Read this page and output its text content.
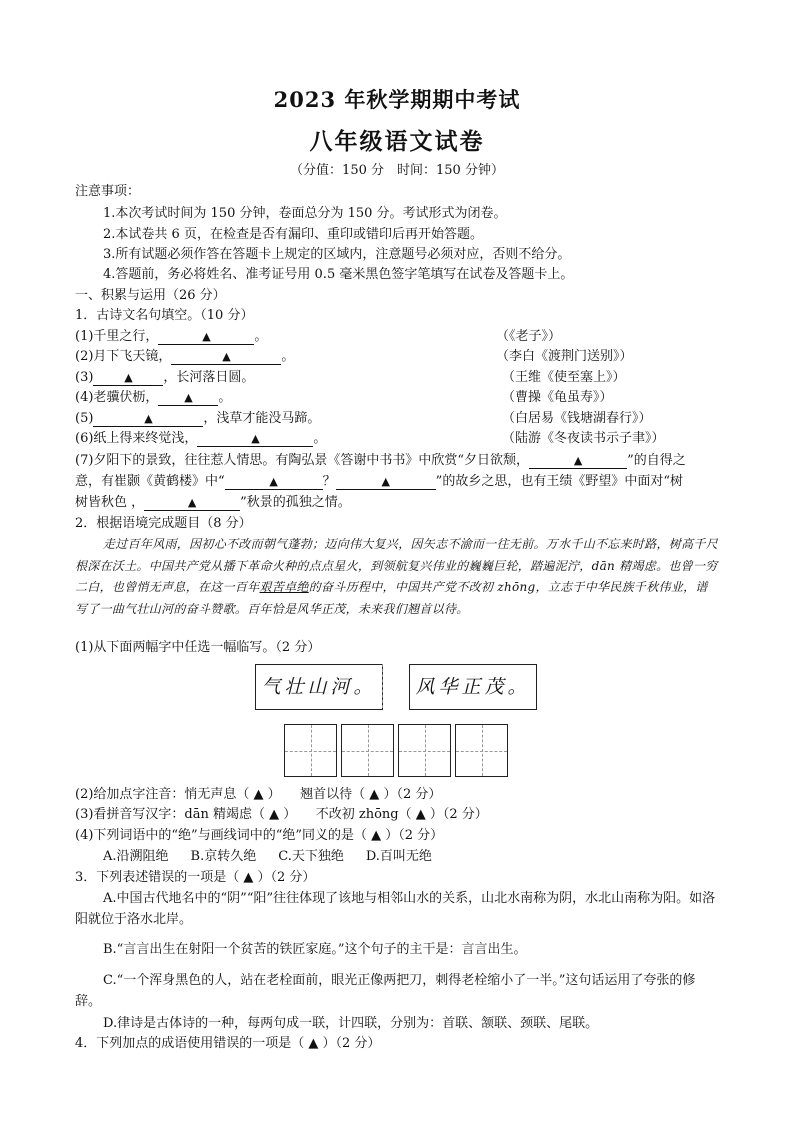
2023 年秋学期期中考试
八年级语文试卷
（分值：150 分　时间：150 分钟）
注意事项：
1.本次考试时间为 150 分钟，卷面总分为 150 分。考试形式为闭卷。
2.本试卷共 6 页，在检查是否有漏印、重印或错印后再开始答题。
3.所有试题必须作答在答题卡上规定的区域内，注意题号必须对应，否则不给分。
4.答题前，务必将姓名、准考证号用 0.5 毫米黑色签字笔填写在试卷及答题卡上。
一、积累与运用（26 分）
1．古诗文名句填空。（10 分）
(1)千里之行，	▲	。	（《老子》）
(2)月下飞天镜，	▲	。	（李白《渡荆门送别》）
(3)	▲ ，长河落日圆。	（王维《使至塞上》）
(4)老骥伏枥， ▲ 。	（曹操《龟虽寿》）
(5)	▲	，浅草才能没马蹄。	（白居易《钱塘湖春行》）
(6)纸上得来终觉浅，	▲	。	（陆游《冬夜读书示子聿》）
(7)夕阳下的景致，往往惹人情思。有陶弘景《答谢中书书》中欣赏“夕日欲颓，	▲	”的自得之
意，有崔颢《黄鹤楼》中“	▲	？	▲	”的故乡之思，也有王绩《野望》中面对“树
树皆秋色 ，	▲	”秋景的孤独之情。
2．根据语境完成题目（8 分）
走过百年风雨，因初心不改而朝气蓬勃；迈向伟大复兴，因矢志不渝而一往无前。万水千山不忘来时路，树高千尺根深在沃土。中国共产党从播下革命火种的点点星火，到领航复兴伟业的巍巍巨轮，踏遍泥泞，dān 精竭虑。也曾一穷二白，也曾悄无声息，在这一百年艰苦卓绝的奋斗历程中，中国共产党不改初 zhōng，立志于中华民族千秋伟业，谱写了一曲气壮山河的奋斗赞歌。百年恰是风华正茂，未来我们翘首以待。
(1)从下面两幅字中任选一幅临写。（2 分）
气壮山河。	风华正茂。
(2)给加点字注音：悄无声息（ ▲ ）　　翘首以待（ ▲ ）（2 分）
(3)看拼音写汉字：dān 精竭虑（ ▲ ）　　不改初 zhōng（ ▲ ）（2 分）
(4)下列词语中的“绝”与画线词中的“绝”同义的是（ ▲ ）（2 分）
A.沿溯阻绝 B.京转久绝 C.天下独绝 D.百叫无绝
3．下列表述错误的一项是（ ▲ ）（2 分）
A.中国古代地名中的“阴”“阳”往往体现了该地与相邻山水的关系，山北水南称为阴，水北山南称为阳。如洛阳就位于洛水北岸。
B.“言言出生在射阳一个贫苦的铁匠家庭。”这个句子的主干是：言言出生。
C.“一个浑身黑色的人，站在老栓面前，眼光正像两把刀，刺得老栓缩小了一半。”这句话运用了夸张的修辞。
D.律诗是古体诗的一种，每两句成一联，计四联，分别为：首联、颔联、颈联、尾联。
4．下列加点的成语使用错误的一项是（ ▲ ）（2 分）
